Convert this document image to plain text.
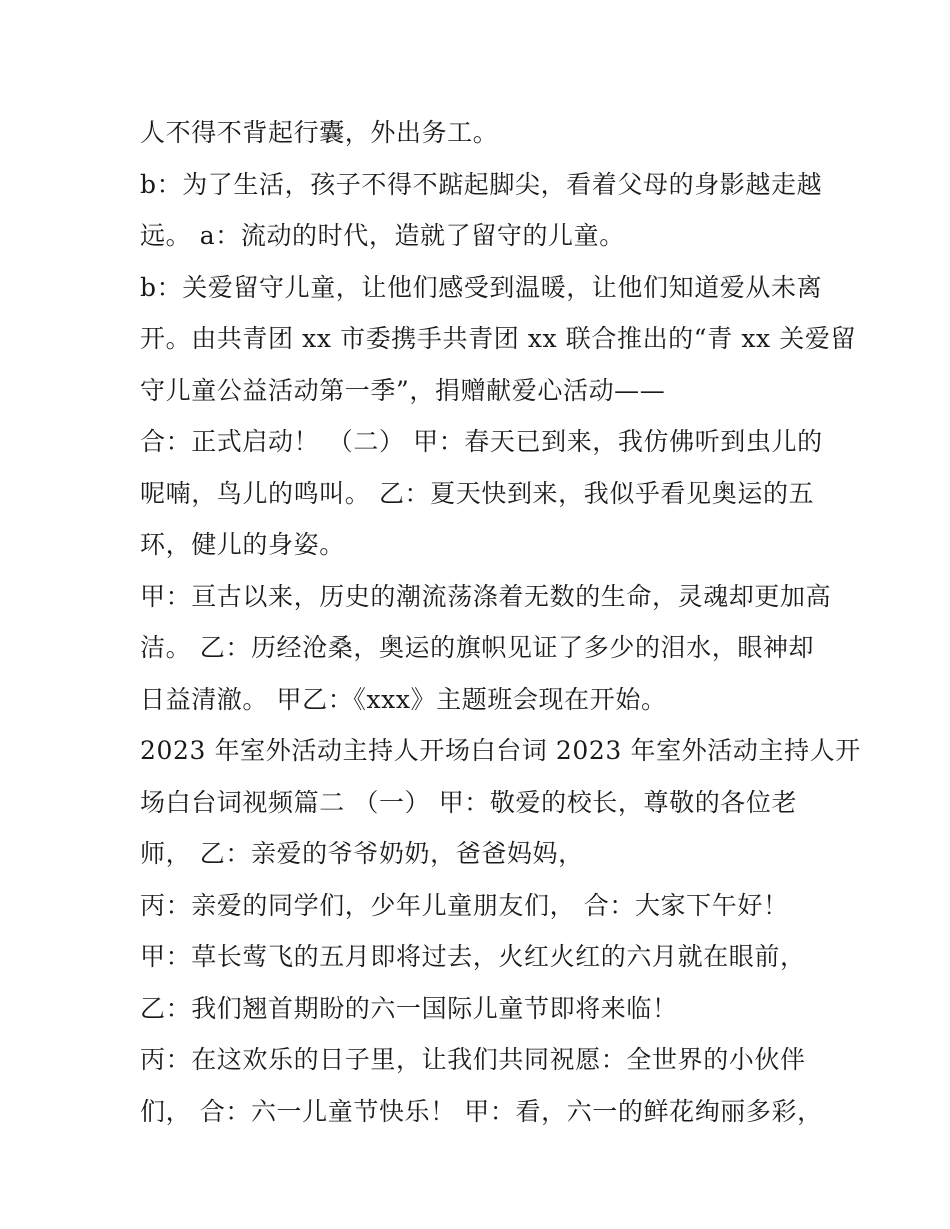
人不得不背起行囊，外出务工。
b：为了生活，孩子不得不踮起脚尖，看着父母的身影越走越
远。 a：流动的时代，造就了留守的儿童。
b：关爱留守儿童，让他们感受到温暖，让他们知道爱从未离
开。由共青团 xx 市委携手共青团 xx 联合推出的“青 xx 关爱留
守儿童公益活动第一季”，捐赠献爱心活动——
合：正式启动！ （二） 甲：春天已到来，我仿佛听到虫儿的
呢喃，鸟儿的鸣叫。 乙：夏天快到来，我似乎看见奥运的五
环，健儿的身姿。
甲：亘古以来，历史的潮流荡涤着无数的生命，灵魂却更加高
洁。 乙：历经沧桑，奥运的旗帜见证了多少的泪水，眼神却
日益清澈。 甲乙：《xxx》主题班会现在开始。
2023 年室外活动主持人开场白台词 2023 年室外活动主持人开
场白台词视频篇二 （一） 甲：敬爱的校长，尊敬的各位老
师， 乙：亲爱的爷爷奶奶，爸爸妈妈，
丙：亲爱的同学们，少年儿童朋友们， 合：大家下午好！
甲：草长莺飞的五月即将过去，火红火红的六月就在眼前，
乙：我们翘首期盼的六一国际儿童节即将来临！
丙：在这欢乐的日子里，让我们共同祝愿：全世界的小伙伴
们， 合：六一儿童节快乐！ 甲：看，六一的鲜花绚丽多彩，
